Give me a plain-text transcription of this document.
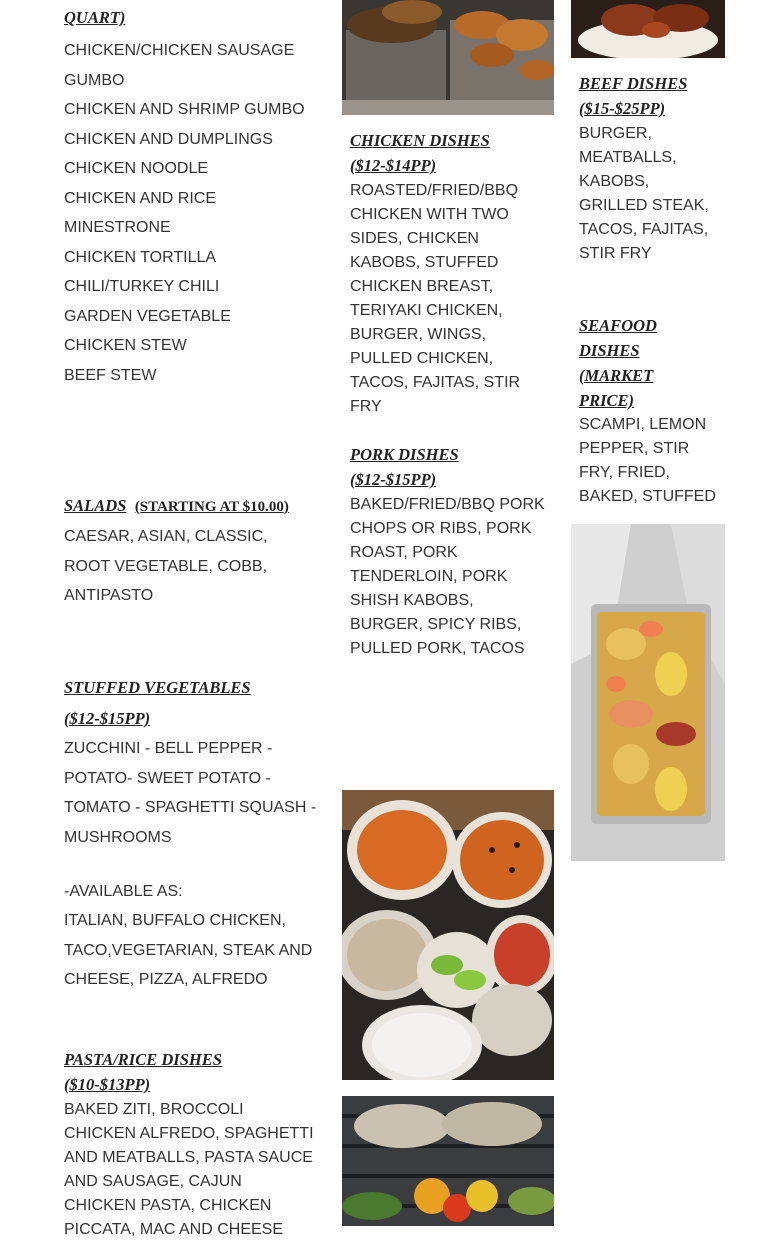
QUART)
CHICKEN/CHICKEN SAUSAGE
GUMBO
CHICKEN AND SHRIMP GUMBO
CHICKEN AND DUMPLINGS
CHICKEN NOODLE
CHICKEN AND RICE
MINESTRONE
CHICKEN TORTILLA
CHILI/TURKEY CHILI
GARDEN VEGETABLE
CHICKEN STEW
BEEF STEW
SALADS (STARTING AT $10.00)
CAESAR, ASIAN, CLASSIC,
ROOT VEGETABLE, COBB,
ANTIPASTO
STUFFED VEGETABLES
($12-$15PP)
ZUCCHINI - BELL PEPPER -
POTATO- SWEET POTATO -
TOMATO - SPAGHETTI SQUASH -
MUSHROOMS
-AVAILABLE AS:
ITALIAN, BUFFALO CHICKEN,
TACO,VEGETARIAN, STEAK AND
CHEESE, PIZZA, ALFREDO
PASTA/RICE DISHES
($10-$13PP)
BAKED ZITI, BROCCOLI
CHICKEN ALFREDO, SPAGHETTI
AND MEATBALLS, PASTA SAUCE
AND SAUSAGE, CAJUN
CHICKEN PASTA, CHICKEN
PICCATA, MAC AND CHEESE
CHICKEN DISHES
($12-$14PP)
ROASTED/FRIED/BBQ
CHICKEN WITH TWO
SIDES, CHICKEN
KABOBS, STUFFED
CHICKEN BREAST,
TERIYAKI CHICKEN,
BURGER, WINGS,
PULLED CHICKEN,
TACOS, FAJITAS, STIR
FRY
PORK DISHES
($12-$15PP)
BAKED/FRIED/BBQ PORK
CHOPS OR RIBS, PORK
ROAST, PORK
TENDERLOIN, PORK
SHISH KABOBS,
BURGER, SPICY RIBS,
PULLED PORK, TACOS
BEEF DISHES
($15-$25PP)
BURGER,
MEATBALLS,
KABOBS,
GRILLED STEAK,
TACOS, FAJITAS,
STIR FRY
SEAFOOD
DISHES
(MARKET
PRICE)
SCAMPI, LEMON
PEPPER, STIR
FRY, FRIED,
BAKED, STUFFED
